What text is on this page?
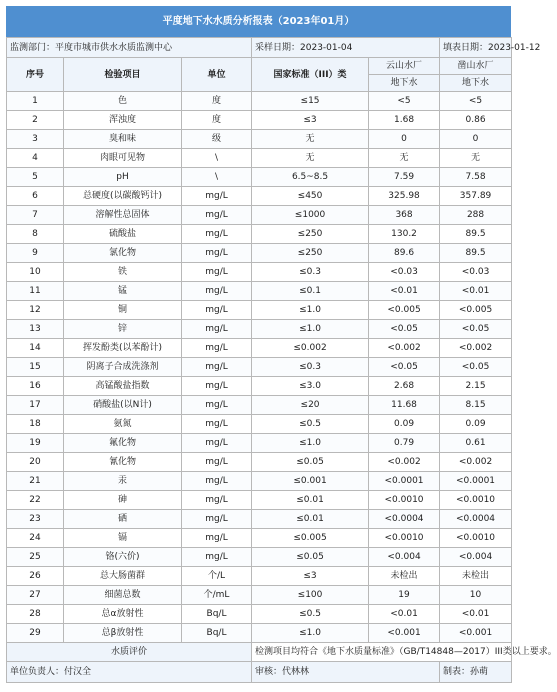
平度地下水水质分析报表（2023年01月）
监测部门：平度市城市供水水质监测中心			采样日期：2023-01-04		填表日期：2023-01-12
序号	检验项目	单位	国家标准（III）类	云山水厂	凿山水厂
				地下水	地下水
1	色	度	≤15	<5	<5
2	浑浊度	度	≤3	1.68	0.86
3	臭和味	级	无	0	0
4	肉眼可见物	\	无	无	无
5	pH	\	6.5~8.5	7.59	7.58
6	总硬度(以碳酸钙计)	mg/L	≤450	325.98	357.89
7	溶解性总固体	mg/L	≤1000	368	288
8	硫酸盐	mg/L	≤250	130.2	89.5
9	氯化物	mg/L	≤250	89.6	89.5
10	铁	mg/L	≤0.3	<0.03	<0.03
11	锰	mg/L	≤0.1	<0.01	<0.01
12	铜	mg/L	≤1.0	<0.005	<0.005
13	锌	mg/L	≤1.0	<0.05	<0.05
14	挥发酚类(以苯酚计)	mg/L	≤0.002	<0.002	<0.002
15	阴离子合成洗涤剂	mg/L	≤0.3	<0.05	<0.05
16	高锰酸盐指数	mg/L	≤3.0	2.68	2.15
17	硝酸盐(以N计)	mg/L	≤20	11.68	8.15
18	氨氮	mg/L	≤0.5	0.09	0.09
19	氟化物	mg/L	≤1.0	0.79	0.61
20	氰化物	mg/L	≤0.05	<0.002	<0.002
21	汞	mg/L	≤0.001	<0.0001	<0.0001
22	砷	mg/L	≤0.01	<0.0010	<0.0010
23	硒	mg/L	≤0.01	<0.0004	<0.0004
24	镉	mg/L	≤0.005	<0.0010	<0.0010
25	铬(六价)	mg/L	≤0.05	<0.004	<0.004
26	总大肠菌群	个/L	≤3	未检出	未检出
27	细菌总数	个/mL	≤100	19	10
28	总α放射性	Bq/L	≤0.5	<0.01	<0.01
29	总β放射性	Bq/L	≤1.0	<0.001	<0.001
水质评价			检测项目均符合《地下水质量标准》（GB/T14848—2017）III类以上要求。		
单位负责人：付汉全			审核：代林林		制表：孙萌
